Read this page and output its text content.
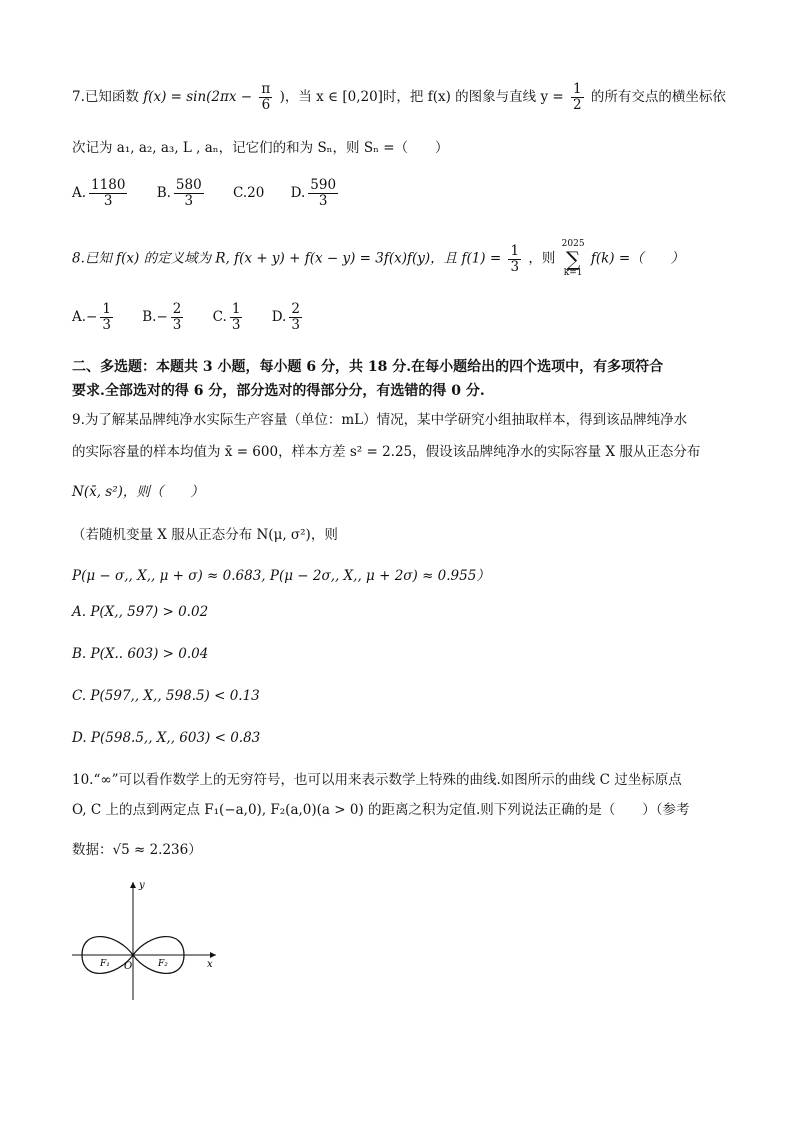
7.已知函数 $f(x) = \sin(2\pi x - \frac{\pi}{6}$ )，当 x ∈ [0,20]时，把 f(x) 的图象与直线 $y = \frac{1}{2}$ 的所有交点的横坐标依
次记为 a₁, a₂, a₃, L , aₙ，记它们的和为 Sₙ，则 Sₙ =（　　）
A. $\frac{1180}{3} B$. $\frac{580}{3} C.20$ D. $\frac{590}{3}$
8.已知 f(x) 的定义域为 R, f(x + y) + f(x − y) = 3f(x)f(y)，且 $f(1) = \frac{1}{3}$ ，则 2025
∑
k=1 f(k) =（　　）
$A.- \frac{1}{3} B.- \frac{2}{3} C$. $\frac{1}{3} D$. $\frac{2}{3}$
二、多选题：本题共 3 小题，每小题 6 分，共 18 分.在每小题给出的四个选项中，有多项符合
要求.全部选对的得 6 分，部分选对的得部分分，有选错的得 0 分.
9.为了解某品牌纯净水实际生产容量（单位：mL）情况，某中学研究小组抽取样本，得到该品牌纯净水
的实际容量的样本均值为 x̄ = 600，样本方差 s² = 2.25，假设该品牌纯净水的实际容量 X 服从正态分布
N(x̄, s²)，则（　　）
（若随机变量 X 服从正态分布 N(μ, σ²)，则
P(μ − σ,, X,, μ + σ) ≈ 0.683, P(μ − 2σ,, X,, μ + 2σ) ≈ 0.955）
A. P(X,, 597) > 0.02
B. P(X.. 603) > 0.04
C. P(597,, X,, 598.5) < 0.13
D. P(598.5,, X,, 603) < 0.83
10.“∞”可以看作数学上的无穷符号，也可以用来表示数学上特殊的曲线.如图所示的曲线 C 过坐标原点
O, C 上的点到两定点 F₁(−a,0), F₂(a,0)(a > 0) 的距离之积为定值.则下列说法正确的是（　　）（参考
数据：√5 ≈ 2.236）
y
x
O
F₁	F₂
